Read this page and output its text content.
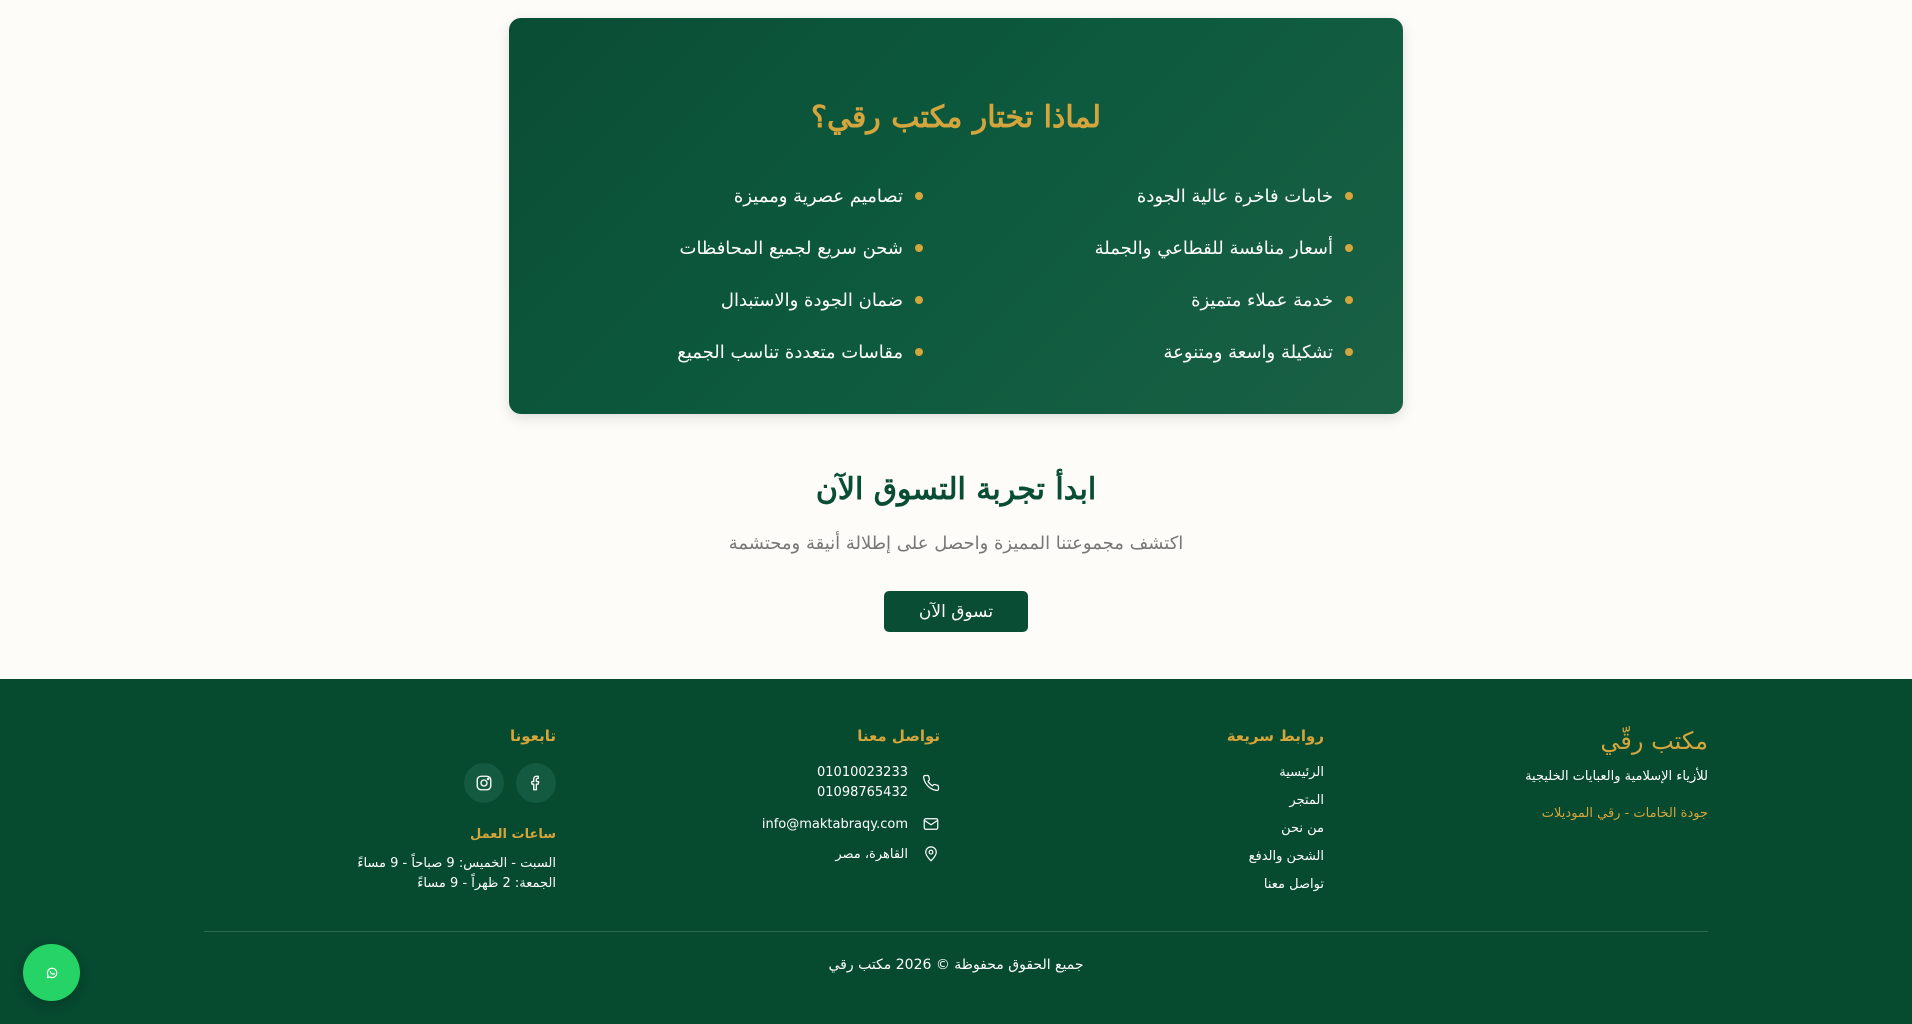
لماذا تختار مكتب رقي؟
خامات فاخرة عالية الجودة
أسعار منافسة للقطاعي والجملة
خدمة عملاء متميزة
تشكيلة واسعة ومتنوعة
تصاميم عصرية ومميزة
شحن سريع لجميع المحافظات
ضمان الجودة والاستبدال
مقاسات متعددة تناسب الجميع
ابدأ تجربة التسوق الآن

اكتشف مجموعتنا المميزة واحصل على إطلالة أنيقة ومحتشمة

تسوق الآن
مكتب رقّي
للأزياء الإسلامية والعبايات الخليجية
جودة الخامات - رقي الموديلات
روابط سريعة
الرئيسية
المتجر
من نحن
الشحن والدفع
تواصل معنا
تواصل معنا
01010023233
01098765432
info@maktabraqy.com
القاهرة، مصر
تابعونا
ساعات العمل

السبت - الخميس: 9 صباحاً - 9 مساءً

الجمعة: 2 ظهراً - 9 مساءً

جميع الحقوق محفوظة © 2026 مكتب رقي
